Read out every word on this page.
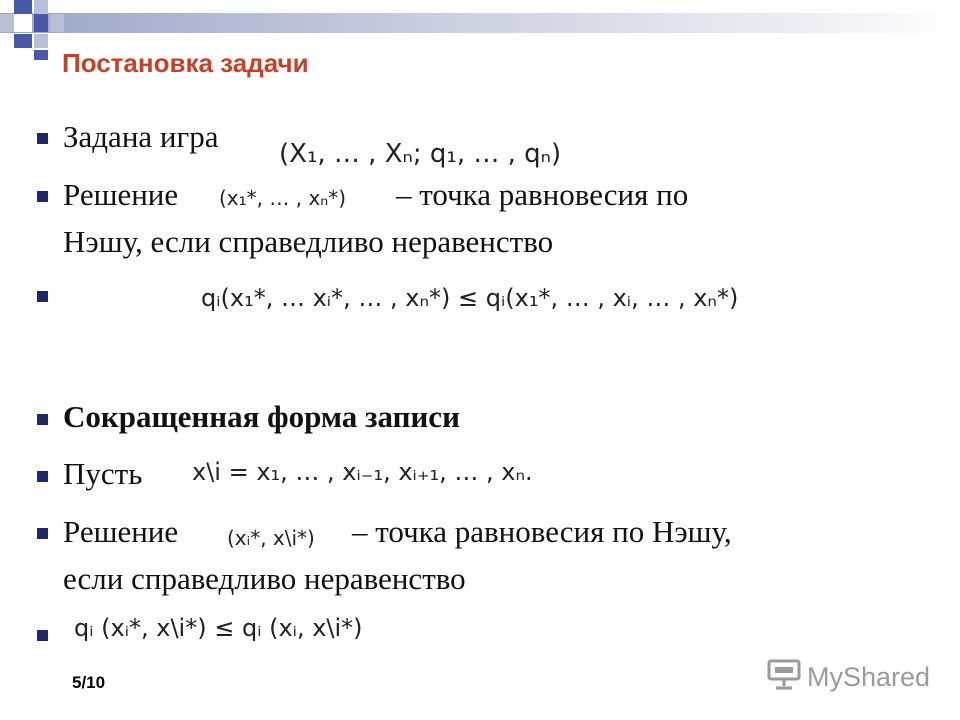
Постановка задачи
Задана игра (X₁, … , Xₙ; q₁, … , qₙ)
Решение (x₁*, … , xₙ*) – точка равновесия по
Нэшу, если справедливо неравенство
qᵢ(x₁*, … xᵢ*, … , xₙ*) ≤ qᵢ(x₁*, … , xᵢ, … , xₙ*)
Сокращенная форма записи
Пусть x\i = x₁, … , xᵢ₋₁, xᵢ₊₁, … , xₙ.
Решение (xᵢ*, x\i*) – точка равновесия по Нэшу,
если справедливо неравенство
qᵢ (xᵢ*, x\i*) ≤ qᵢ (xᵢ, x\i*)
5/10	MyShared
